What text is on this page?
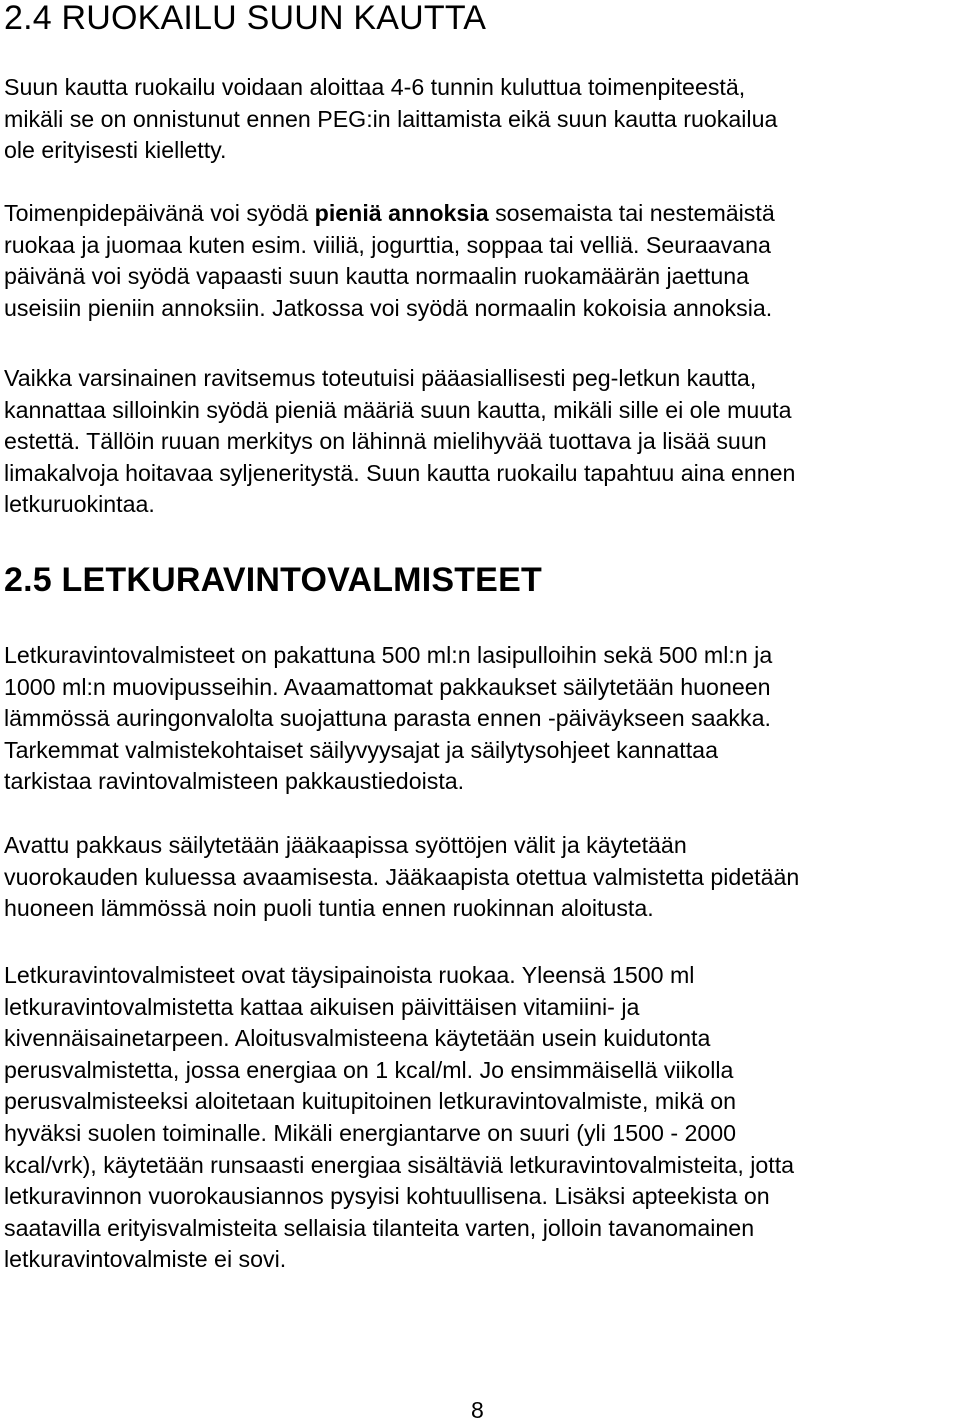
2.4 RUOKAILU SUUN KAUTTA

Suun kautta ruokailu voidaan aloittaa 4-6 tunnin kuluttua toimenpiteestä,
mikäli se on onnistunut ennen PEG:in laittamista eikä suun kautta ruokailua
ole erityisesti kielletty.

Toimenpidepäivänä voi syödä pieniä annoksia sosemaista tai nestemäistä
ruokaa ja juomaa kuten esim. viiliä, jogurttia, soppaa tai velliä. Seuraavana
päivänä voi syödä vapaasti suun kautta normaalin ruokamäärän jaettuna
useisiin pieniin annoksiin. Jatkossa voi syödä normaalin kokoisia annoksia.

Vaikka varsinainen ravitsemus toteutuisi pääasiallisesti peg-letkun kautta,
kannattaa silloinkin syödä pieniä määriä suun kautta, mikäli sille ei ole muuta
estettä. Tällöin ruuan merkitys on lähinnä mielihyvää tuottava ja lisää suun
limakalvoja hoitavaa syljeneritystä. Suun kautta ruokailu tapahtuu aina ennen
letkuruokintaa.

2.5 LETKURAVINTOVALMISTEET

Letkuravintovalmisteet on pakattuna 500 ml:n lasipulloihin sekä 500 ml:n ja
1000 ml:n muovipusseihin. Avaamattomat pakkaukset säilytetään huoneen
lämmössä auringonvalolta suojattuna parasta ennen -päiväykseen saakka.
Tarkemmat valmistekohtaiset säilyvyysajat ja säilytysohjeet kannattaa
tarkistaa ravintovalmisteen pakkaustiedoista.

Avattu pakkaus säilytetään jääkaapissa syöttöjen välit ja käytetään
vuorokauden kuluessa avaamisesta. Jääkaapista otettua valmistetta pidetään
huoneen lämmössä noin puoli tuntia ennen ruokinnan aloitusta.

Letkuravintovalmisteet ovat täysipainoista ruokaa. Yleensä 1500 ml
letkuravintovalmistetta kattaa aikuisen päivittäisen vitamiini- ja
kivennäisainetarpeen. Aloitusvalmisteena käytetään usein kuidutonta
perusvalmistetta, jossa energiaa on 1 kcal/ml. Jo ensimmäisellä viikolla
perusvalmisteeksi aloitetaan kuitupitoinen letkuravintovalmiste, mikä on
hyväksi suolen toiminalle. Mikäli energiantarve on suuri (yli 1500 - 2000
kcal/vrk), käytetään runsaasti energiaa sisältäviä letkuravintovalmisteita, jotta
letkuravinnon vuorokausiannos pysyisi kohtuullisena. Lisäksi apteekista on
saatavilla erityisvalmisteita sellaisia tilanteita varten, jolloin tavanomainen
letkuravintovalmiste ei sovi.

8
